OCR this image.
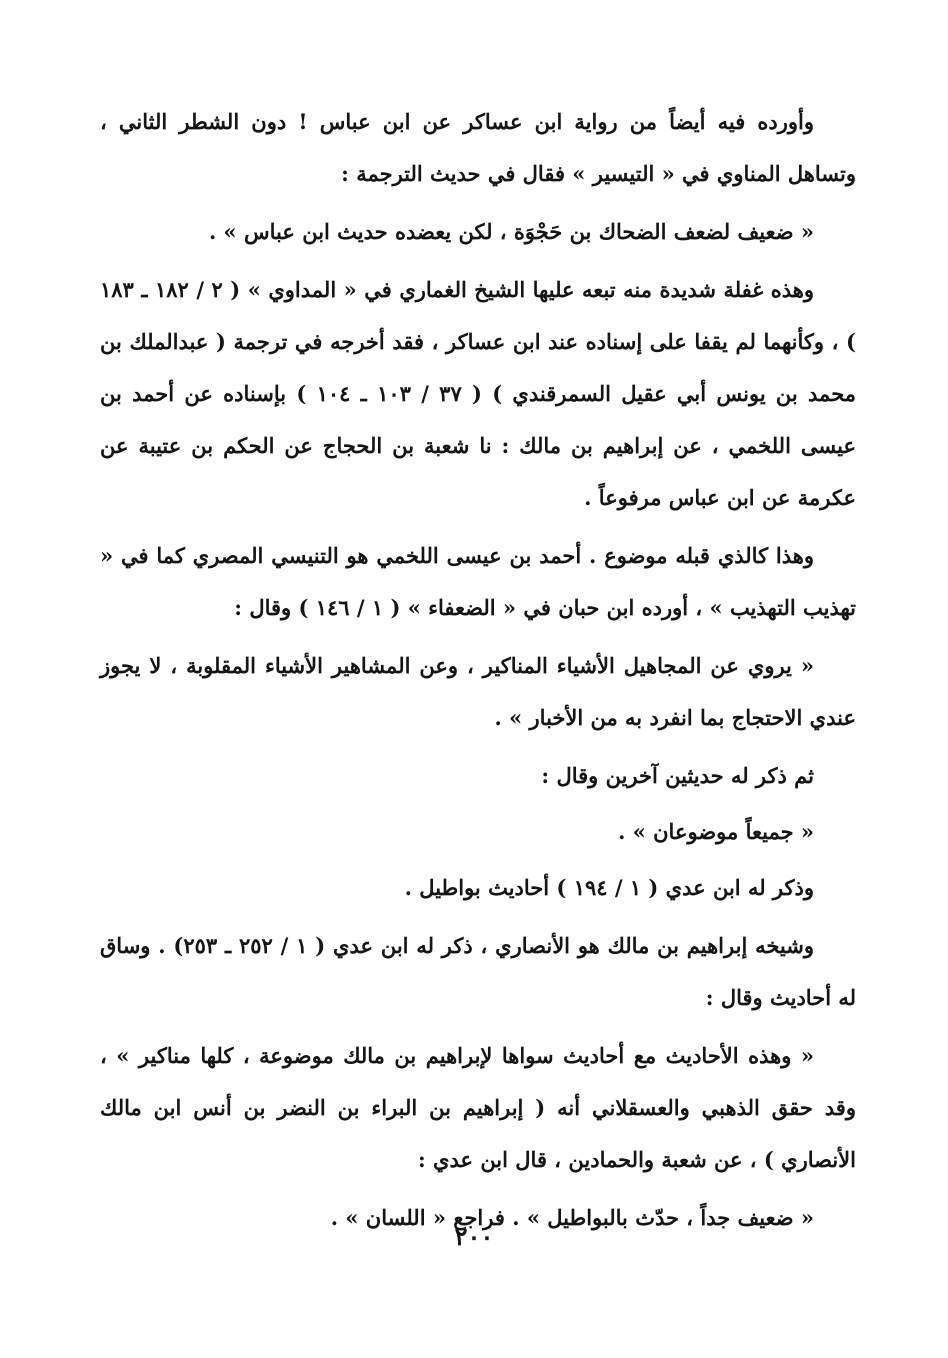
وأورده فيه أيضاً من رواية ابن عساكر عن ابن عباس ! دون الشطر الثاني ، وتساهل المناوي في « التيسير » فقال في حديث الترجمة :

« ضعيف لضعف الضحاك بن حَجْوَة ، لكن يعضده حديث ابن عباس » .

وهذه غفلة شديدة منه تبعه عليها الشيخ الغماري في « المداوي » ( ٢ / ١٨٢ ـ ١٨٣ ) ، وكأنهما لم يقفا على إسناده عند ابن عساكر ، فقد أخرجه في ترجمة ( عبدالملك بن محمد بن يونس أبي عقيل السمرقندي ) ( ٣٧ / ١٠٣ ـ ١٠٤ ) بإسناده عن أحمد بن عيسى اللخمي ، عن إبراهيم بن مالك : نا شعبة بن الحجاج عن الحكم بن عتيبة عن عكرمة عن ابن عباس مرفوعاً .

وهذا كالذي قبله موضوع . أحمد بن عيسى اللخمي هو التنيسي المصري كما في « تهذيب التهذيب » ، أورده ابن حبان في « الضعفاء » ( ١ / ١٤٦ ) وقال :

« يروي عن المجاهيل الأشياء المناكير ، وعن المشاهير الأشياء المقلوبة ، لا يجوز عندي الاحتجاج بما انفرد به من الأخبار » .

ثم ذكر له حديثين آخرين وقال :

« جميعاً موضوعان » .

وذكر له ابن عدي ( ١ / ١٩٤ ) أحاديث بواطيل .

وشيخه إبراهيم بن مالك هو الأنصاري ، ذكر له ابن عدي ( ١ / ٢٥٢ ـ ٢٥٣) . وساق له أحاديث وقال :

« وهذه الأحاديث مع أحاديث سواها لإبراهيم بن مالك موضوعة ، كلها مناكير » ، وقد حقق الذهبي والعسقلاني أنه ( إبراهيم بن البراء بن النضر بن أنس ابن مالك الأنصاري ) ، عن شعبة والحمادين ، قال ابن عدي :

« ضعيف جداً ، حدّث بالبواطيل » . فراجع « اللسان » .

٢٠٠
